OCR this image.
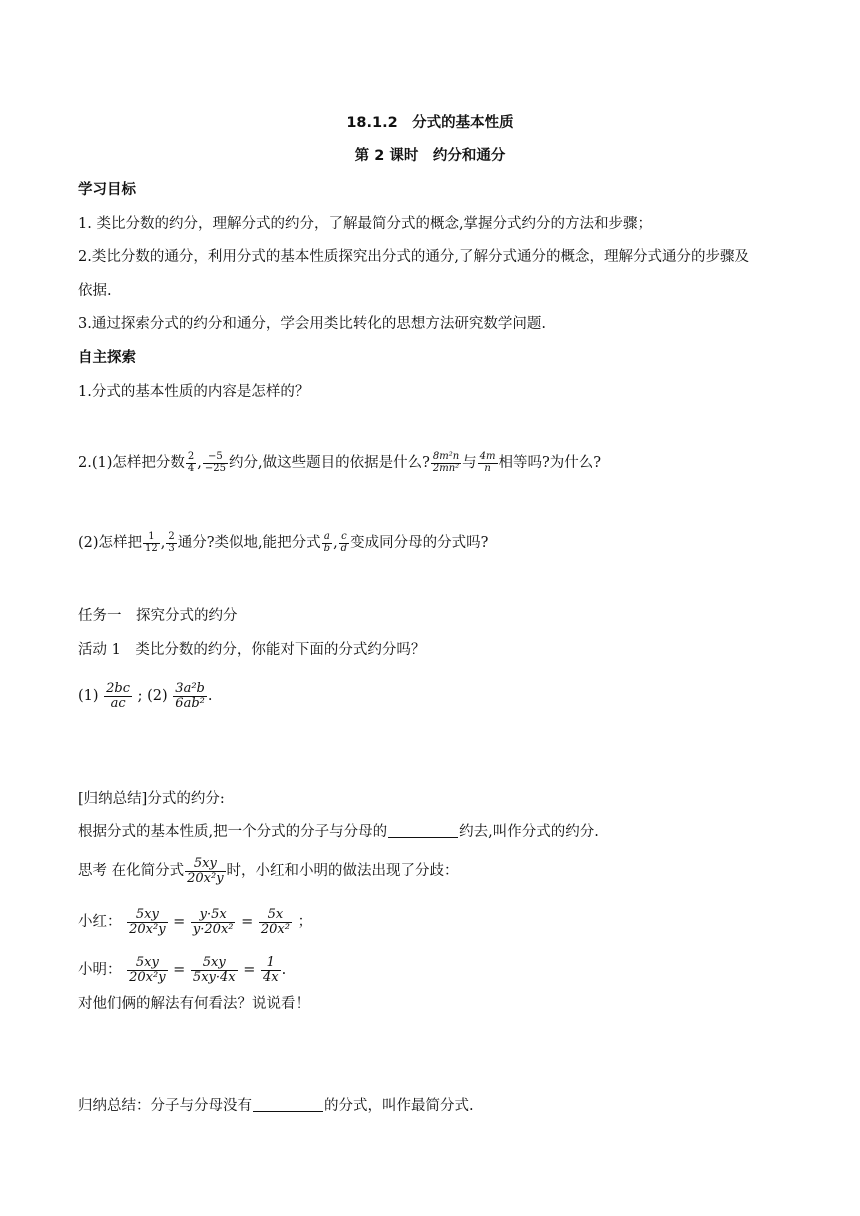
18.1.2　分式的基本性质
第 2 课时　约分和通分
学习目标
1. 类比分数的约分，理解分式的约分，了解最简分式的概念,掌握分式约分的方法和步骤；
2.类比分数的通分，利用分式的基本性质探究出分式的通分,了解分式通分的概念，理解分式通分的步骤及
依据.
3.通过探索分式的约分和通分，学会用类比转化的思想方法研究数学问题.
自主探索
1.分式的基本性质的内容是怎样的？
2.(1)怎样把分数 $\frac{2}{4}$ , $\frac{-5}{-25}$ 约分,做这些题目的依据是什么? $\frac{\text{8m²n}}{\text{2mn²}}$ 与 $\frac{4m}{n}$ 相等吗?为什么?
(2)怎样把 $\frac{1}{12}$ , $\frac{2}{3}$ 通分?类似地,能把分式 $\frac{a}{b}$ , $\frac{c}{d}$ 变成同分母的分式吗?
任务一　探究分式的约分
活动 1　类比分数的约分，你能对下面的分式约分吗？
$(1) \frac{2bc}{ac}$ ; $(2) \frac{\text{3a²b}}{\text{6ab²}}$ .
[归纳总结]分式的约分:
根据分式的基本性质,把一个分式的分子与分母的	约去,叫作分式的约分.
思考 在化简分式 $\frac{5xy}{\text{20x²y}}$ 时，小红和小明的做法出现了分歧：
小红： $\frac{5xy}{\text{20x²y}} = \frac{y\cdot 5x}{\text{y·20x²}} = \frac{5x}{\text{20x²}}$ ；
小明： $\frac{5xy}{\text{20x²y}} = \frac{5xy}{5xy\cdot 4x} = \frac{1}{4x}$ .
对他们俩的解法有何看法？说说看！
归纳总结：分子与分母没有	的分式，叫作最简分式.
